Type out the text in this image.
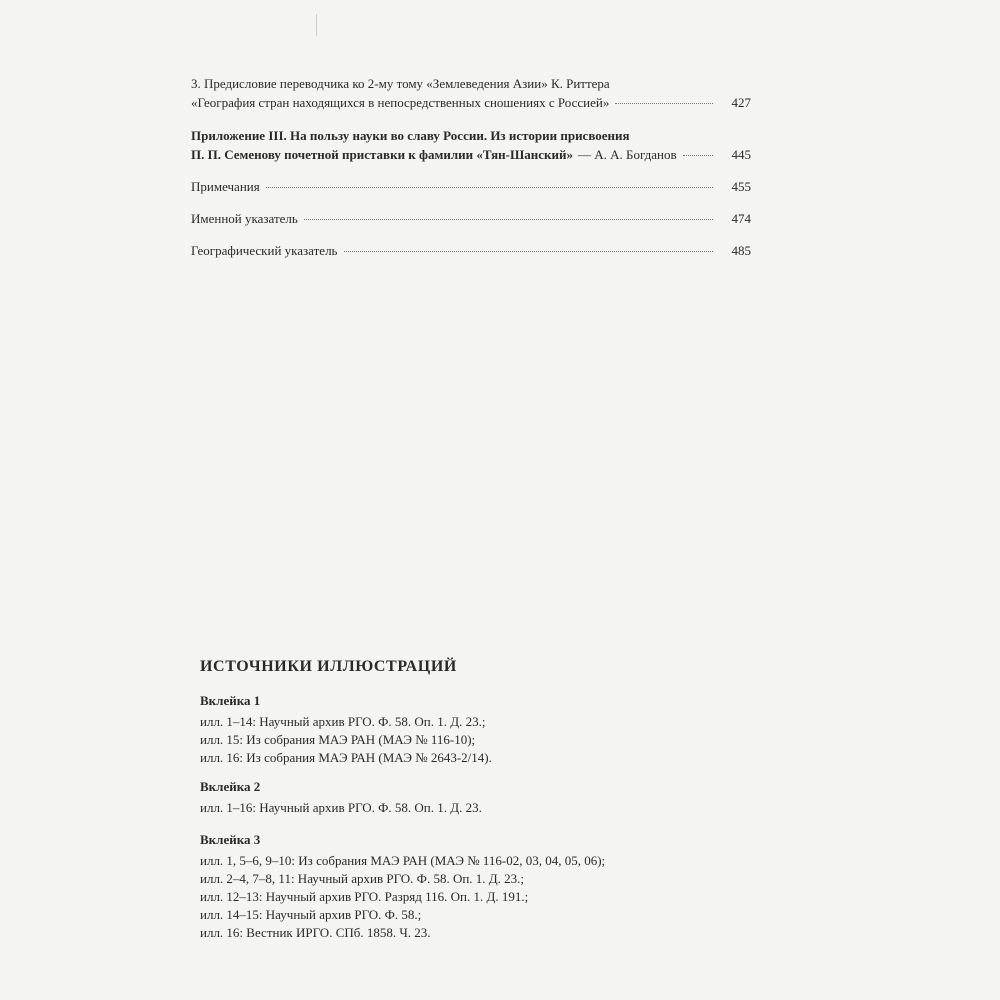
3. Предисловие переводчика ко 2-му тому «Землеведения Азии» К. Риттера
«География стран находящихся в непосредственных сношениях с Россией»	427
Приложение III. На пользу науки во славу России. Из истории присвоения
П. П. Семенову почетной приставки к фамилии «Тян-Шанский» — А. А. Богданов	445
Примечания	455
Именной указатель	474
Географический указатель	485
ИСТОЧНИКИ ИЛЛЮСТРАЦИЙ
Вклейка 1
илл. 1–14: Научный архив РГО. Ф. 58. Оп. 1. Д. 23.;
илл. 15: Из собрания МАЭ РАН (МАЭ № 116-10);
илл. 16: Из собрания МАЭ РАН (МАЭ № 2643-2/14).
Вклейка 2
илл. 1–16: Научный архив РГО. Ф. 58. Оп. 1. Д. 23.
Вклейка 3
илл. 1, 5–6, 9–10: Из собрания МАЭ РАН (МАЭ № 116-02, 03, 04, 05, 06);
илл. 2–4, 7–8, 11: Научный архив РГО. Ф. 58. Оп. 1. Д. 23.;
илл. 12–13: Научный архив РГО. Разряд 116. Оп. 1. Д. 191.;
илл. 14–15: Научный архив РГО. Ф. 58.;
илл. 16: Вестник ИРГО. СПб. 1858. Ч. 23.
